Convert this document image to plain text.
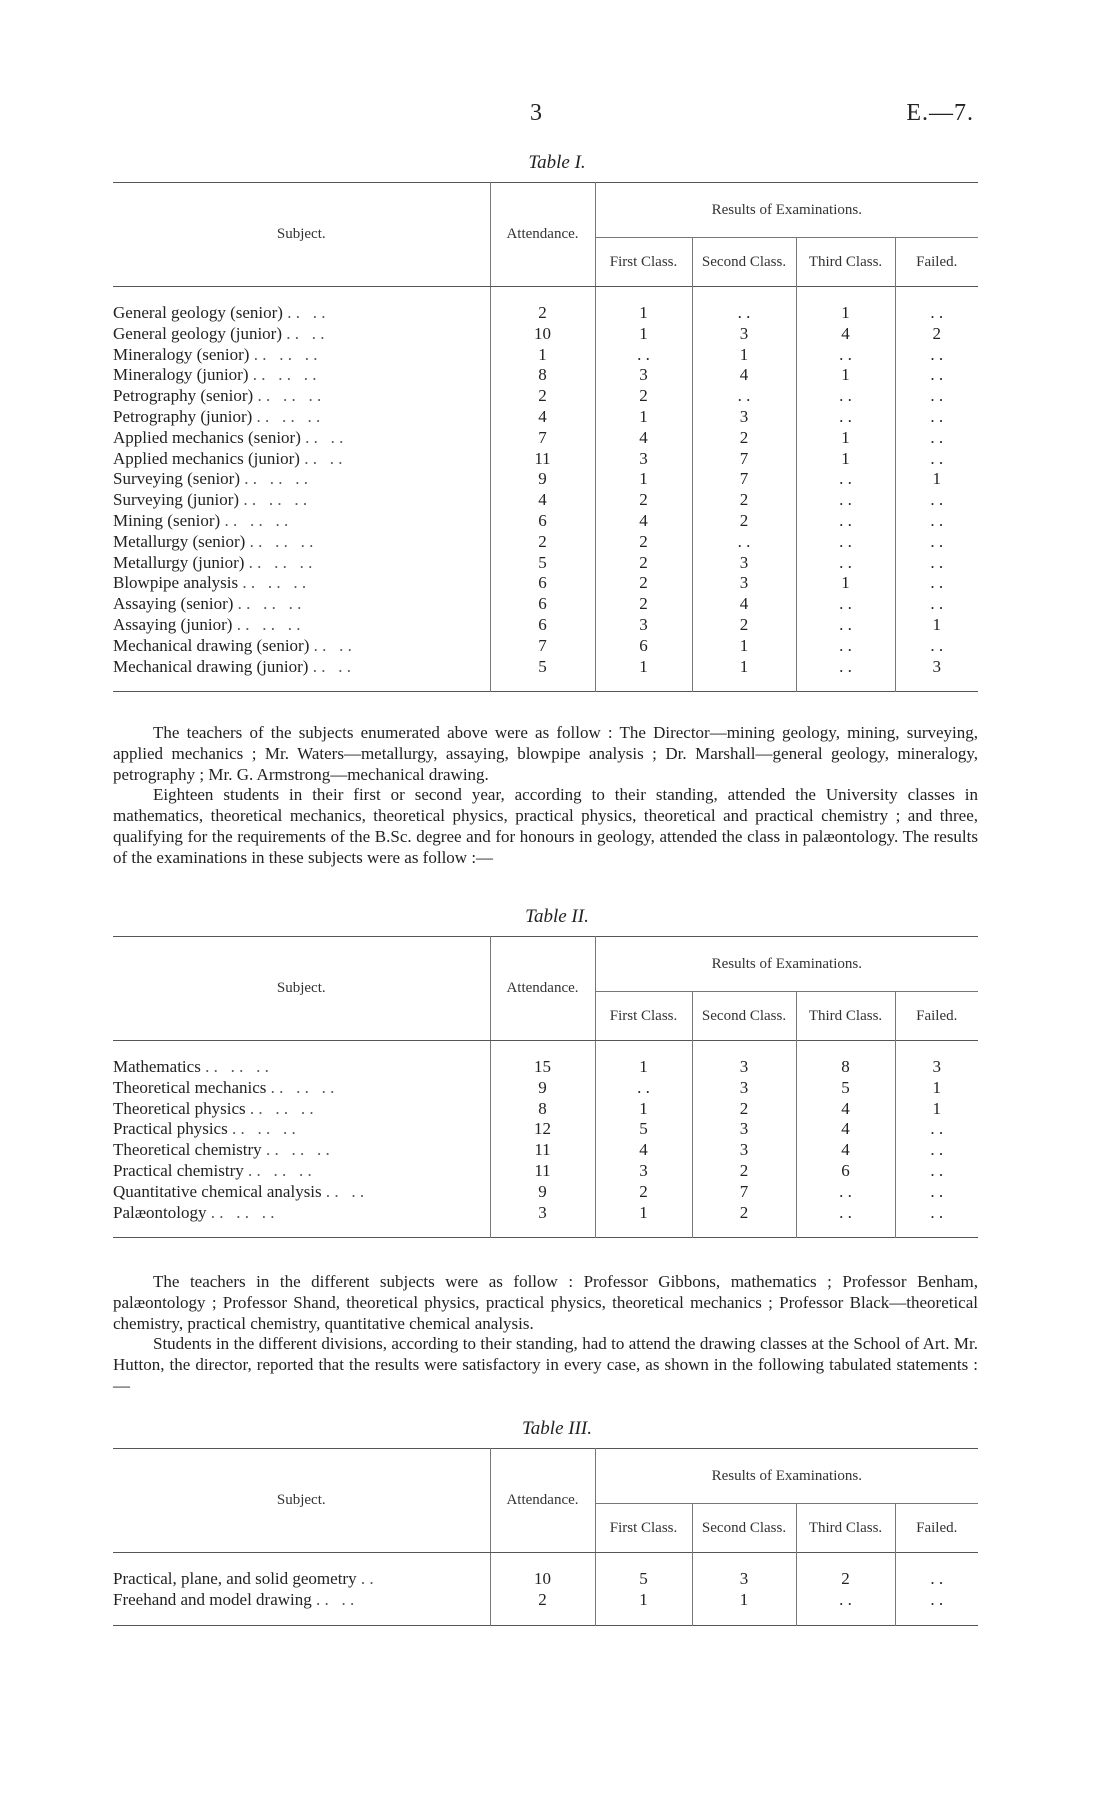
3	E.—7.
Table I.
Subject.	Attendance.	Results of Examinations.			
		First Class.	Second Class.	Third Class.	Failed.

General geology (senior) . .   . .	2	1	. .	1	. .
General geology (junior) . .   . .	10	1	3	4	2
Mineralogy (senior) . .   . .   . .	1	. .	1	. .	. .
Mineralogy (junior) . .   . .   . .	8	3	4	1	. .
Petrography (senior) . .   . .   . .	2	2	. .	. .	. .
Petrography (junior) . .   . .   . .	4	1	3	. .	. .
Applied mechanics (senior) . .   . .	7	4	2	1	. .
Applied mechanics (junior) . .   . .	11	3	7	1	. .
Surveying (senior) . .   . .   . .	9	1	7	. .	1
Surveying (junior) . .   . .   . .	4	2	2	. .	. .
Mining (senior) . .   . .   . .	6	4	2	. .	. .
Metallurgy (senior) . .   . .   . .	2	2	. .	. .	. .
Metallurgy (junior) . .   . .   . .	5	2	3	. .	. .
Blowpipe analysis . .   . .   . .	6	2	3	1	. .
Assaying (senior) . .   . .   . .	6	2	4	. .	. .
Assaying (junior) . .   . .   . .	6	3	2	. .	1
Mechanical drawing (senior) . .   . .	7	6	1	. .	. .
Mechanical drawing (junior) . .   . .	5	1	1	. .	3

The teachers of the subjects enumerated above were as follow : The Director—mining geology, mining, surveying, applied mechanics ; Mr. Waters—metallurgy, assaying, blowpipe analysis ; Dr. Marshall—general geology, mineralogy, petrography ; Mr. G. Armstrong—mechanical drawing.

Eighteen students in their first or second year, according to their standing, attended the University classes in mathematics, theoretical mechanics, theoretical physics, practical physics, theoretical and practical chemistry ; and three, qualifying for the requirements of the B.Sc. degree and for honours in geology, attended the class in palæontology. The results of the examinations in these subjects were as follow :—

Table II.
Subject.	Attendance.	Results of Examinations.			
		First Class.	Second Class.	Third Class.	Failed.

Mathematics . .   . .   . .	15	1	3	8	3
Theoretical mechanics . .   . .   . .	9	. .	3	5	1
Theoretical physics . .   . .   . .	8	1	2	4	1
Practical physics . .   . .   . .	12	5	3	4	. .
Theoretical chemistry . .   . .   . .	11	4	3	4	. .
Practical chemistry . .   . .   . .	11	3	2	6	. .
Quantitative chemical analysis . .   . .	9	2	7	. .	. .
Palæontology . .   . .   . .	3	1	2	. .	. .

The teachers in the different subjects were as follow : Professor Gibbons, mathematics ; Professor Benham, palæontology ; Professor Shand, theoretical physics, practical physics, theoretical mechanics ; Professor Black—theoretical chemistry, practical chemistry, quantitative chemical analysis.

Students in the different divisions, according to their standing, had to attend the drawing classes at the School of Art. Mr. Hutton, the director, reported that the results were satisfactory in every case, as shown in the following tabulated statements :—

Table III.
Subject.	Attendance.	Results of Examinations.			
		First Class.	Second Class.	Third Class.	Failed.

Practical, plane, and solid geometry . .	10	5	3	2	. .
Freehand and model drawing . .   . .	2	1	1	. .	. .
